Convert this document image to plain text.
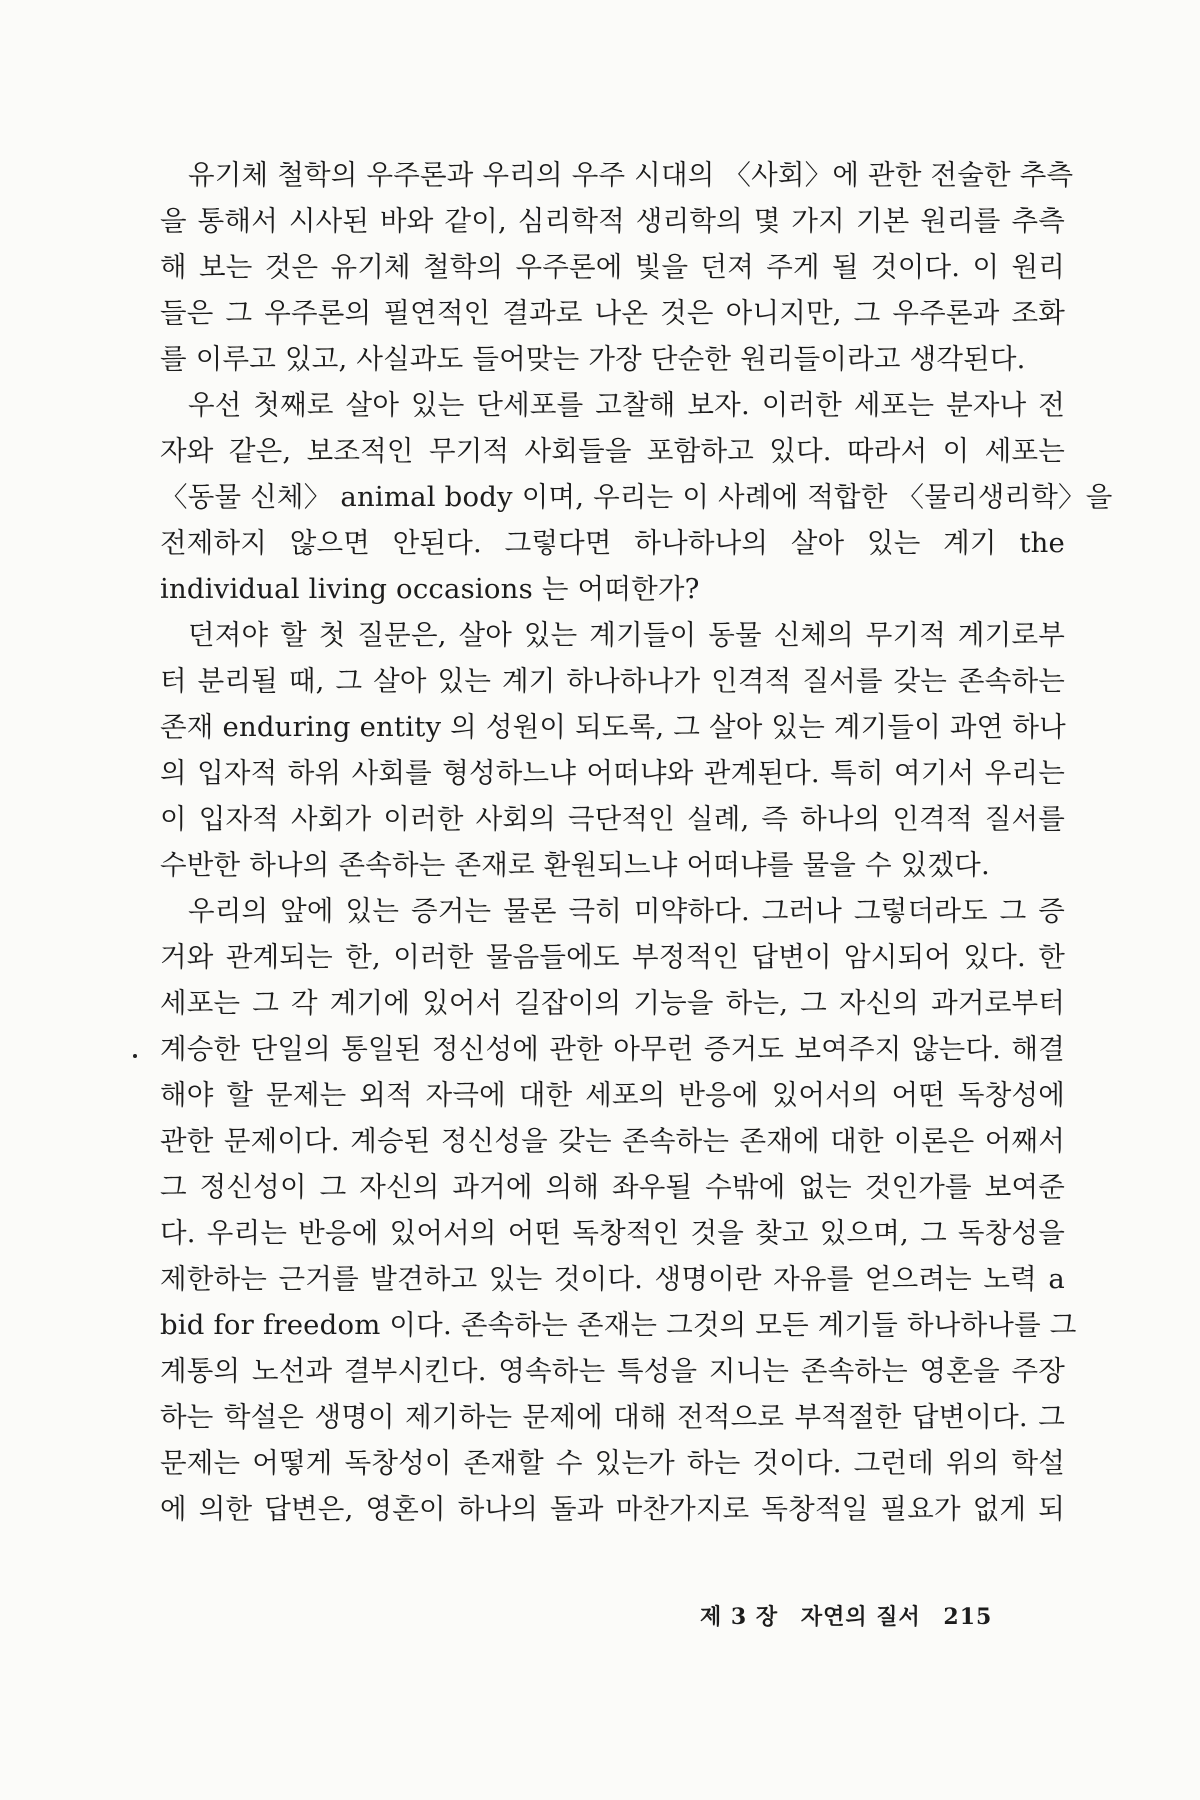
유기체 철학의 우주론과 우리의 우주 시대의 〈사회〉에 관한 전술한 추측
을 통해서 시사된 바와 같이, 심리학적 생리학의 몇 가지 기본 원리를 추측
해 보는 것은 유기체 철학의 우주론에 빛을 던져 주게 될 것이다. 이 원리
들은 그 우주론의 필연적인 결과로 나온 것은 아니지만, 그 우주론과 조화
를 이루고 있고, 사실과도 들어맞는 가장 단순한 원리들이라고 생각된다.
우선 첫째로 살아 있는 단세포를 고찰해 보자. 이러한 세포는 분자나 전
자와 같은, 보조적인 무기적 사회들을 포함하고 있다. 따라서 이 세포는
〈동물 신체〉 animal body 이며, 우리는 이 사례에 적합한 〈물리생리학〉을
전제하지 않으면 안된다. 그렇다면 하나하나의 살아 있는 계기 the
individual living occasions 는 어떠한가?
던져야 할 첫 질문은, 살아 있는 계기들이 동물 신체의 무기적 계기로부
터 분리될 때, 그 살아 있는 계기 하나하나가 인격적 질서를 갖는 존속하는
존재 enduring entity 의 성원이 되도록, 그 살아 있는 계기들이 과연 하나
의 입자적 하위 사회를 형성하느냐 어떠냐와 관계된다. 특히 여기서 우리는
이 입자적 사회가 이러한 사회의 극단적인 실례, 즉 하나의 인격적 질서를
수반한 하나의 존속하는 존재로 환원되느냐 어떠냐를 물을 수 있겠다.
우리의 앞에 있는 증거는 물론 극히 미약하다. 그러나 그렇더라도 그 증
거와 관계되는 한, 이러한 물음들에도 부정적인 답변이 암시되어 있다. 한
세포는 그 각 계기에 있어서 길잡이의 기능을 하는, 그 자신의 과거로부터
계승한 단일의 통일된 정신성에 관한 아무런 증거도 보여주지 않는다. 해결
해야 할 문제는 외적 자극에 대한 세포의 반응에 있어서의 어떤 독창성에
관한 문제이다. 계승된 정신성을 갖는 존속하는 존재에 대한 이론은 어째서
그 정신성이 그 자신의 과거에 의해 좌우될 수밖에 없는 것인가를 보여준
다. 우리는 반응에 있어서의 어떤 독창적인 것을 찾고 있으며, 그 독창성을
제한하는 근거를 발견하고 있는 것이다. 생명이란 자유를 얻으려는 노력 a
bid for freedom 이다. 존속하는 존재는 그것의 모든 계기들 하나하나를 그
계통의 노선과 결부시킨다. 영속하는 특성을 지니는 존속하는 영혼을 주장
하는 학설은 생명이 제기하는 문제에 대해 전적으로 부적절한 답변이다. 그
문제는 어떻게 독창성이 존재할 수 있는가 하는 것이다. 그런데 위의 학설
에 의한 답변은, 영혼이 하나의 돌과 마찬가지로 독창적일 필요가 없게 되
제 3 장 자연의 질서 215
